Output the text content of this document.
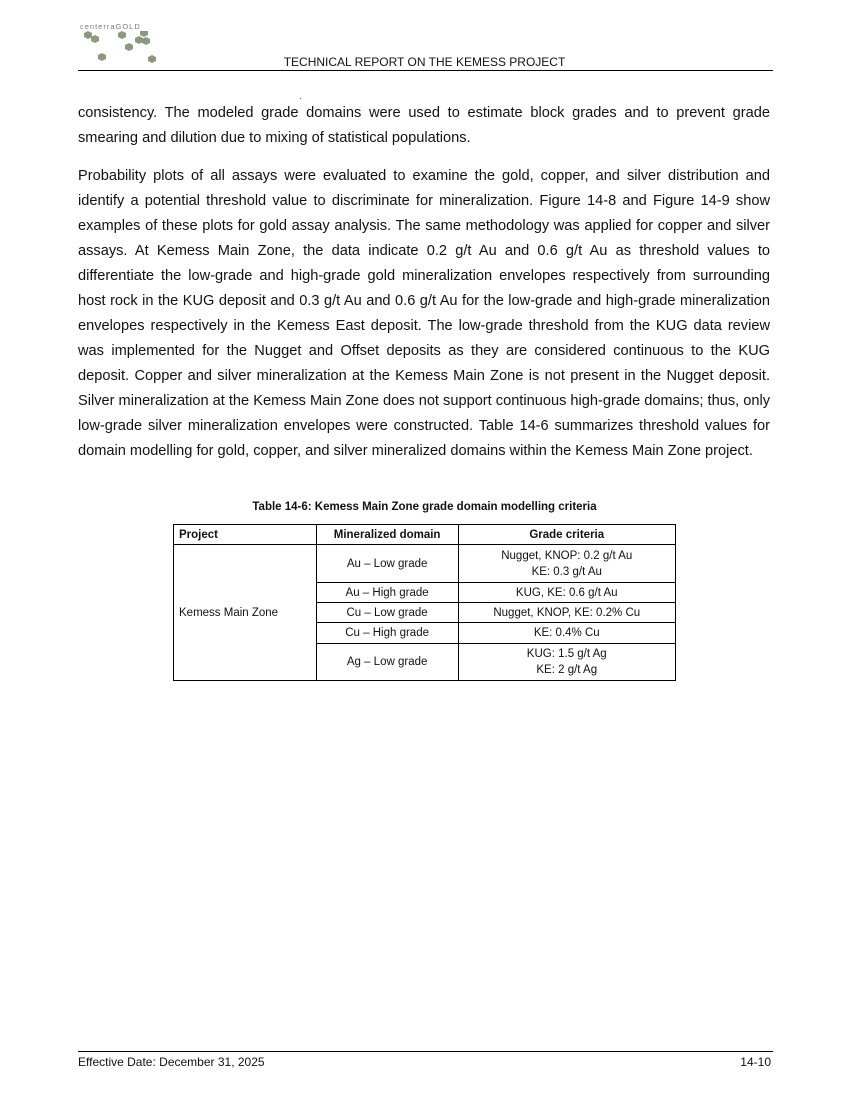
centerraGOLD
TECHNICAL REPORT ON THE KEMESS PROJECT

consistency. The modeled grade domains were used to estimate block grades and to prevent grade smearing and dilution due to mixing of statistical populations.

Probability plots of all assays were evaluated to examine the gold, copper, and silver distribution and identify a potential threshold value to discriminate for mineralization. Figure 14-8 and Figure 14-9 show examples of these plots for gold assay analysis. The same methodology was applied for copper and silver assays. At Kemess Main Zone, the data indicate 0.2 g/t Au and 0.6 g/t Au as threshold values to differentiate the low-grade and high-grade gold mineralization envelopes respectively from surrounding host rock in the KUG deposit and 0.3 g/t Au and 0.6 g/t Au for the low-grade and high-grade mineralization envelopes respectively in the Kemess East deposit. The low-grade threshold from the KUG data review was implemented for the Nugget and Offset deposits as they are considered continuous to the KUG deposit. Copper and silver mineralization at the Kemess Main Zone is not present in the Nugget deposit. Silver mineralization at the Kemess Main Zone does not support continuous high-grade domains; thus, only low-grade silver mineralization envelopes were constructed. Table 14-6 summarizes threshold values for domain modelling for gold, copper, and silver mineralized domains within the Kemess Main Zone project.

Table 14-6: Kemess Main Zone grade domain modelling criteria
Project	Mineralized domain	Grade criteria
Kemess Main Zone	Au – Low grade	Nugget, KNOP: 0.2 g/t Au
KE: 0.3 g/t Au

	Au – High grade	KUG, KE: 0.6 g/t Au
	Cu – Low grade	Nugget, KNOP, KE: 0.2% Cu
	Cu – High grade	KE: 0.4% Cu
	Ag – Low grade	KUG: 1.5 g/t Ag
KE: 2 g/t Ag
Effective Date: December 31, 2025	14-10
